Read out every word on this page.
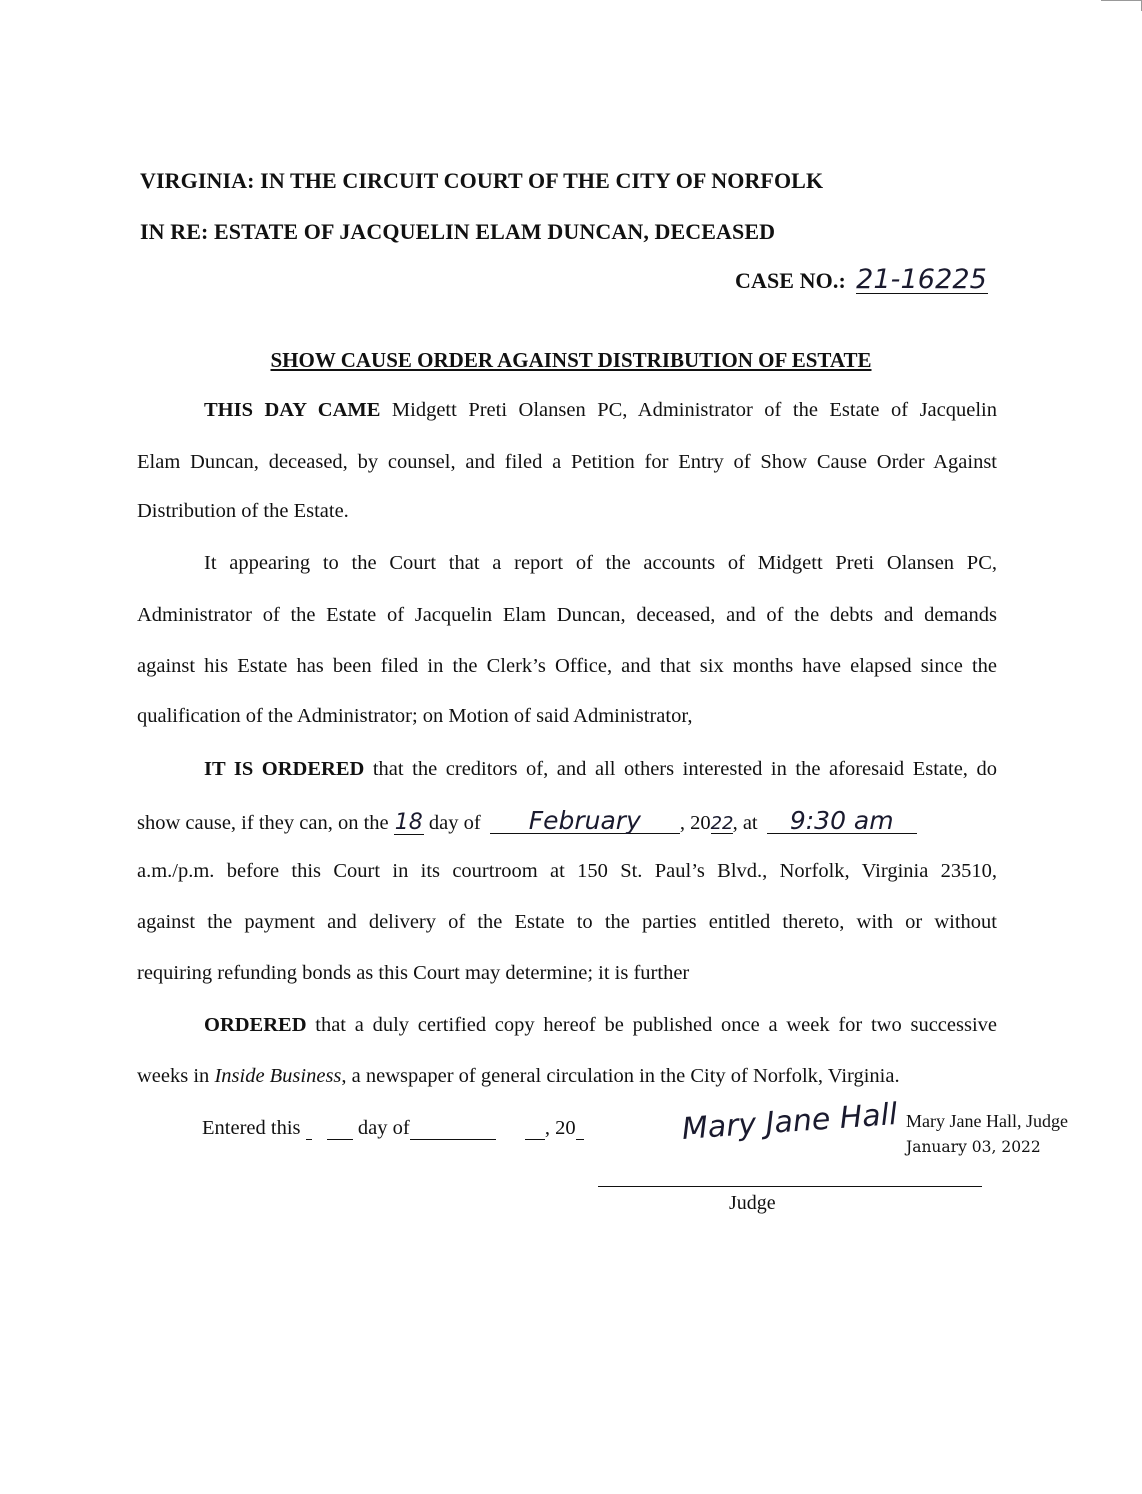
VIRGINIA: IN THE CIRCUIT COURT OF THE CITY OF NORFOLK
IN RE: ESTATE OF JACQUELIN ELAM DUNCAN, DECEASED
CASE NO.: 21-16225
SHOW CAUSE ORDER AGAINST DISTRIBUTION OF ESTATE
THIS DAY CAME Midgett Preti Olansen PC, Administrator of the Estate of Jacquelin
Elam Duncan, deceased, by counsel, and filed a Petition for Entry of Show Cause Order Against
Distribution of the Estate.
It appearing to the Court that a report of the accounts of Midgett Preti Olansen PC,
Administrator of the Estate of Jacquelin Elam Duncan, deceased, and of the debts and demands
against his Estate has been filed in the Clerk’s Office, and that six months have elapsed since the
qualification of the Administrator; on Motion of said Administrator,
IT IS ORDERED that the creditors of, and all others interested in the aforesaid Estate, do
show cause, if they can, on the 18 day of February , 2022, at 9:30 am
a.m./p.m. before this Court in its courtroom at 150 St. Paul’s Blvd., Norfolk, Virginia 23510,
against the payment and delivery of the Estate to the parties entitled thereto, with or without
requiring refunding bonds as this Court may determine; it is further
ORDERED that a duly certified copy hereof be published once a week for two successive
weeks in Inside Business, a newspaper of general circulation in the City of Norfolk, Virginia.
Entered this	day of	, 20	Mary Jane Hall Mary Jane Hall, Judge
January 03, 2022
Judge
